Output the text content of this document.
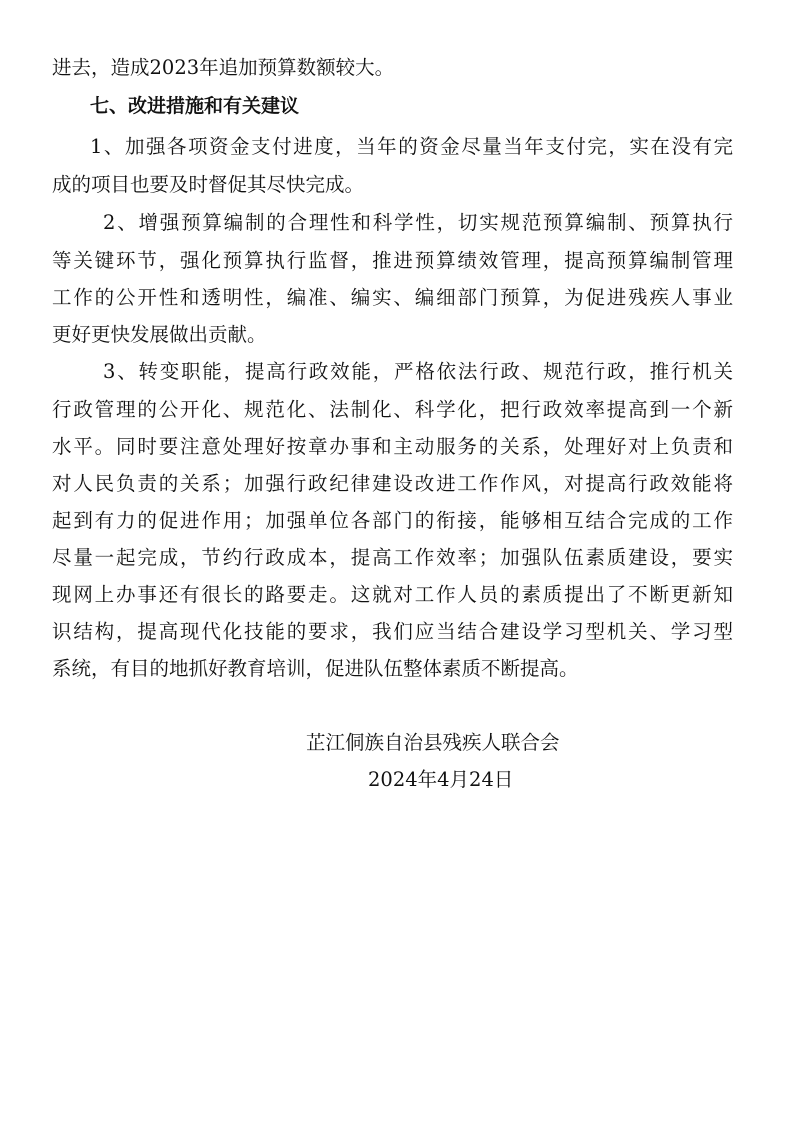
进去，造成2023年追加预算数额较大。
七、改进措施和有关建议
1、加强各项资金支付进度，当年的资金尽量当年支付完，实在没有完
成的项目也要及时督促其尽快完成。
2、增强预算编制的合理性和科学性，切实规范预算编制、预算执行
等关键环节，强化预算执行监督，推进预算绩效管理，提高预算编制管理
工作的公开性和透明性，编准、编实、编细部门预算，为促进残疾人事业
更好更快发展做出贡献。
3、转变职能，提高行政效能，严格依法行政、规范行政，推行机关
行政管理的公开化、规范化、法制化、科学化，把行政效率提高到一个新
水平。同时要注意处理好按章办事和主动服务的关系，处理好对上负责和
对人民负责的关系；加强行政纪律建设改进工作作风，对提高行政效能将
起到有力的促进作用；加强单位各部门的衔接，能够相互结合完成的工作
尽量一起完成，节约行政成本，提高工作效率；加强队伍素质建设，要实
现网上办事还有很长的路要走。这就对工作人员的素质提出了不断更新知
识结构，提高现代化技能的要求，我们应当结合建设学习型机关、学习型
系统，有目的地抓好教育培训，促进队伍整体素质不断提高。
芷江侗族自治县残疾人联合会
2024年4月24日
